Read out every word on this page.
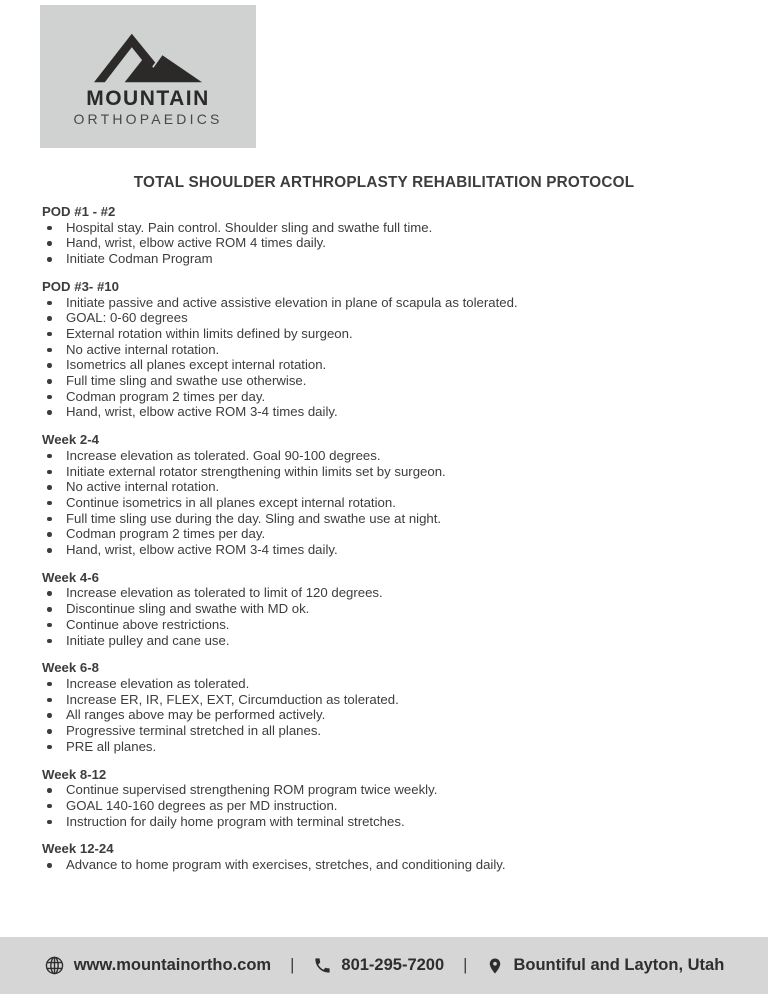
MOUNTAIN
ORTHOPAEDICS
TOTAL SHOULDER ARTHROPLASTY REHABILITATION PROTOCOL
POD #1 - #2
Hospital stay. Pain control. Shoulder sling and swathe full time.
Hand, wrist, elbow active ROM 4 times daily.
Initiate Codman Program
POD #3- #10
Initiate passive and active assistive elevation in plane of scapula as tolerated.
GOAL: 0-60 degrees
External rotation within limits defined by surgeon.
No active internal rotation.
Isometrics all planes except internal rotation.
Full time sling and swathe use otherwise.
Codman program 2 times per day.
Hand, wrist, elbow active ROM 3-4 times daily.
Week 2-4
Increase elevation as tolerated. Goal 90-100 degrees.
Initiate external rotator strengthening within limits set by surgeon.
No active internal rotation.
Continue isometrics in all planes except internal rotation.
Full time sling use during the day. Sling and swathe use at night.
Codman program 2 times per day.
Hand, wrist, elbow active ROM 3-4 times daily.
Week 4-6
Increase elevation as tolerated to limit of 120 degrees.
Discontinue sling and swathe with MD ok.
Continue above restrictions.
Initiate pulley and cane use.
Week 6-8
Increase elevation as tolerated.
Increase ER, IR, FLEX, EXT, Circumduction as tolerated.
All ranges above may be performed actively.
Progressive terminal stretched in all planes.
PRE all planes.
Week 8-12
Continue supervised strengthening ROM program twice weekly.
GOAL 140-160 degrees as per MD instruction.
Instruction for daily home program with terminal stretches.
Week 12-24
Advance to home program with exercises, stretches, and conditioning daily.
www.mountainortho.com	|	801-295-7200	|	Bountiful and Layton, Utah
